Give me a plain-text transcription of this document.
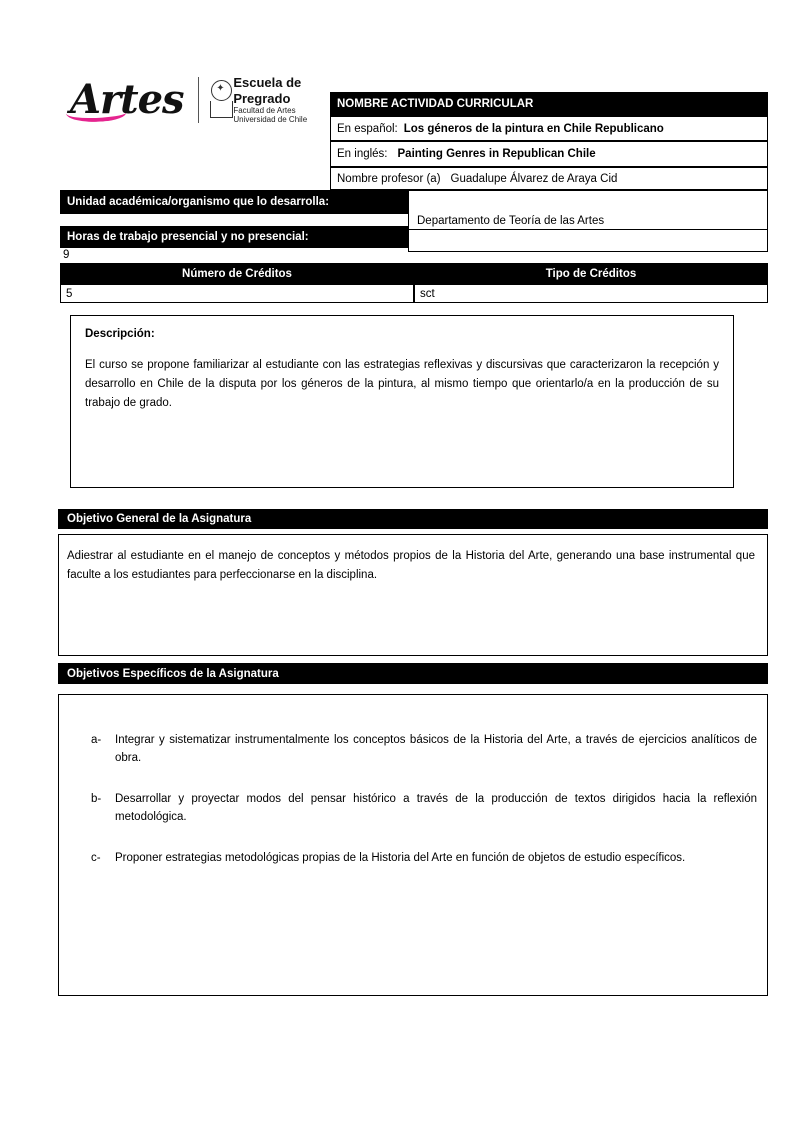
Artes	✦ Escuela de Pregrado
Facultad de Artes
Universidad de Chile
NOMBRE ACTIVIDAD CURRICULAR
En español: Los géneros de la pintura en Chile Republicano
En inglés: Painting Genres in Republican Chile
Nombre profesor (a) Guadalupe Álvarez de Araya Cid
Unidad académica/organismo que lo desarrolla:
Departamento de Teoría de las Artes
Horas de trabajo presencial y no presencial:
9
Número de Créditos	Tipo de Créditos
5	sct
Descripción:
El curso se propone familiarizar al estudiante con las estrategias reflexivas y discursivas que caracterizaron la recepción y desarrollo en Chile de la disputa por los géneros de la pintura, al mismo tiempo que orientarlo/a en la producción de su trabajo de grado.
Objetivo General de la Asignatura
Adiestrar al estudiante en el manejo de conceptos y métodos propios de la Historia del Arte, generando una base instrumental que faculte a los estudiantes para perfeccionarse en la disciplina.
Objetivos Específicos de la Asignatura
a-	Integrar y sistematizar instrumentalmente los conceptos básicos de la Historia del Arte, a través de ejercicios analíticos de obra.
b-	Desarrollar y proyectar modos del pensar histórico a través de la producción de textos dirigidos hacia la reflexión metodológica.
c-	Proponer estrategias metodológicas propias de la Historia del Arte en función de objetos de estudio específicos.
